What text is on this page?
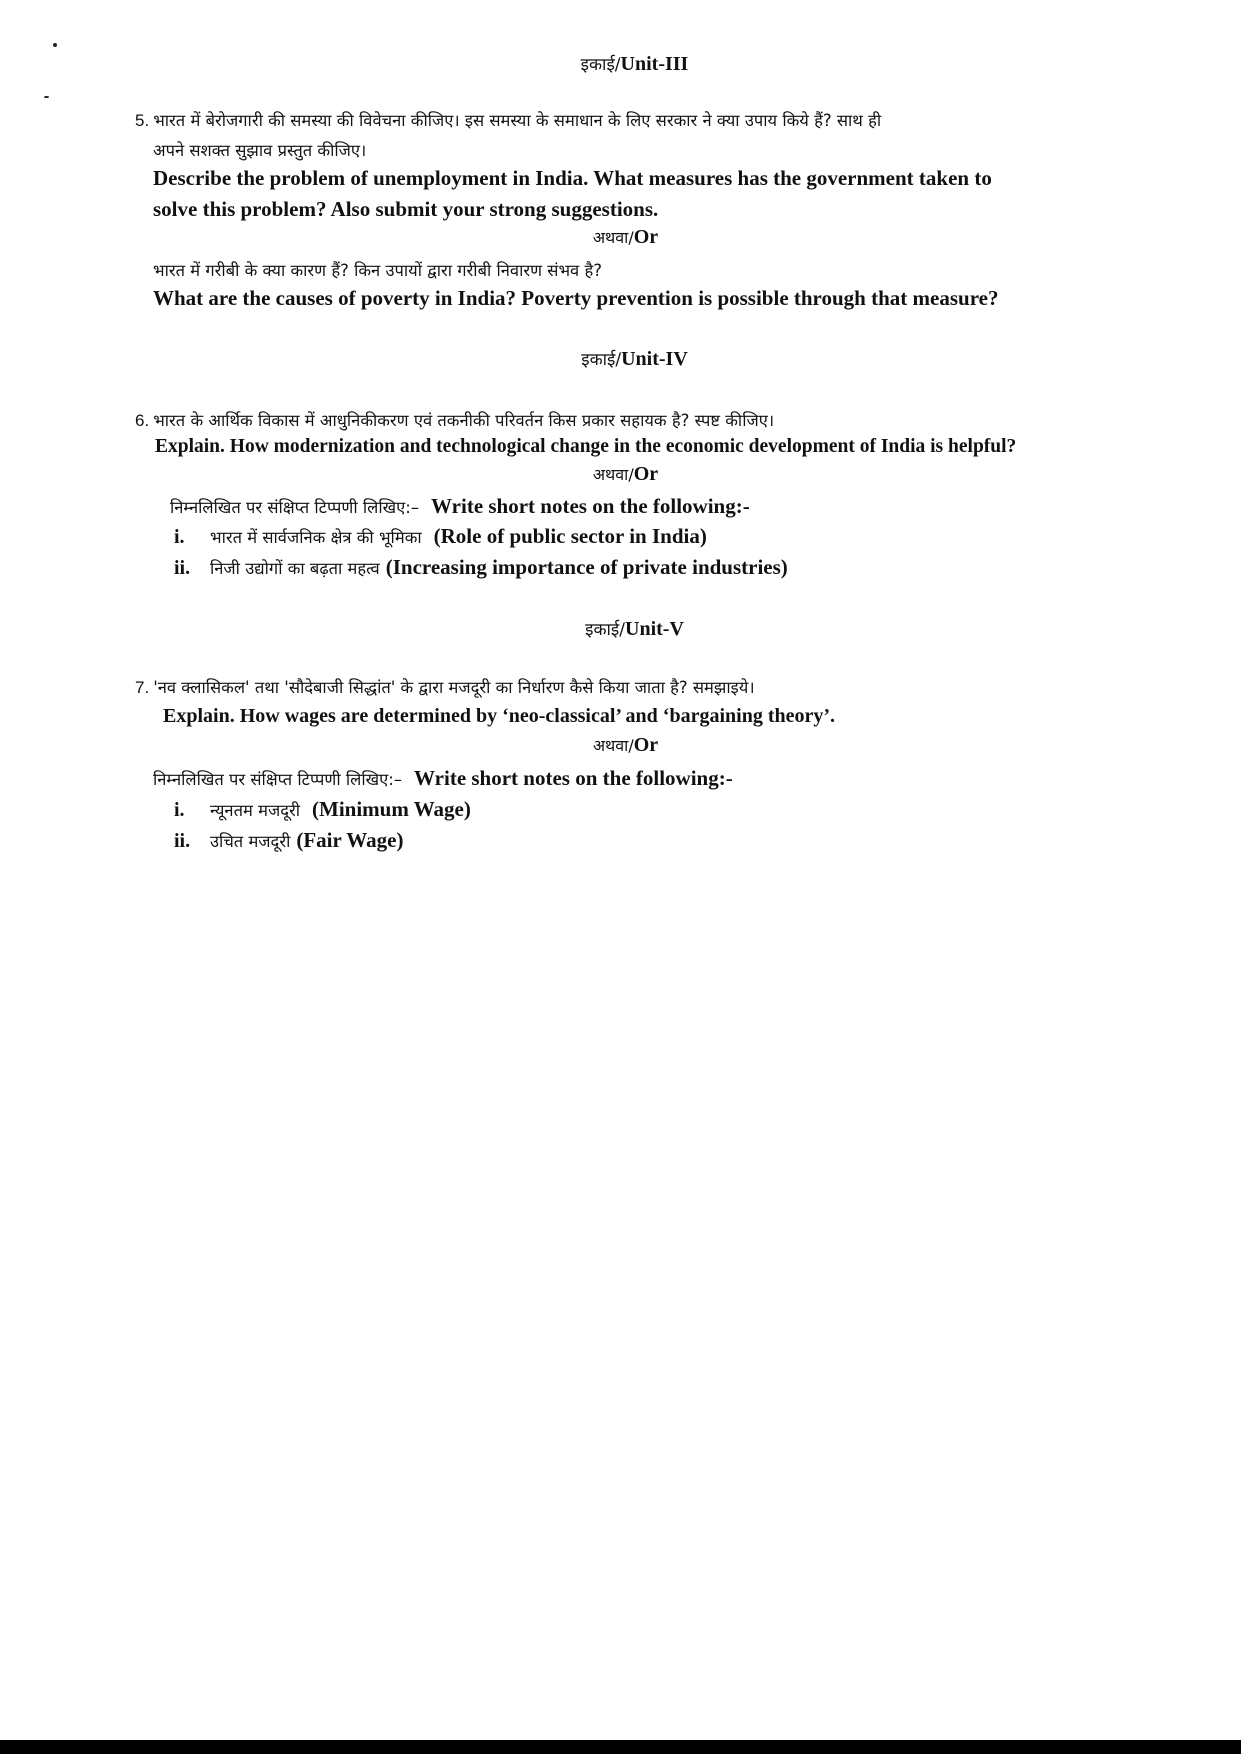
इकाई/Unit-III
5. भारत में बेरोजगारी की समस्या की विवेचना कीजिए। इस समस्या के समाधान के लिए सरकार ने क्या उपाय किये हैं? साथ ही
अपने सशक्त सुझाव प्रस्तुत कीजिए।
Describe the problem of unemployment in India. What measures has the government taken to
solve this problem? Also submit your strong suggestions.
अथवा/Or
भारत में गरीबी के क्या कारण हैं? किन उपायों द्वारा गरीबी निवारण संभव है?
What are the causes of poverty in India? Poverty prevention is possible through that measure?
इकाई/Unit-IV
6. भारत के आर्थिक विकास में आधुनिकीकरण एवं तकनीकी परिवर्तन किस प्रकार सहायक है? स्पष्ट कीजिए।
Explain. How modernization and technological change in the economic development of India is helpful?
अथवा/Or
निम्नलिखित पर संक्षिप्त टिप्पणी लिखिए:– Write short notes on the following:-
i. भारत में सार्वजनिक क्षेत्र की भूमिका (Role of public sector in India)
ii. निजी उद्योगों का बढ़ता महत्व (Increasing importance of private industries)
इकाई/Unit-V
7. 'नव क्लासिकल' तथा 'सौदेबाजी सिद्धांत' के द्वारा मजदूरी का निर्धारण कैसे किया जाता है? समझाइये।
Explain. How wages are determined by ‘neo-classical’ and ‘bargaining theory’.
अथवा/Or
निम्नलिखित पर संक्षिप्त टिप्पणी लिखिए:– Write short notes on the following:-
i. न्यूनतम मजदूरी (Minimum Wage)
ii. उचित मजदूरी (Fair Wage)
